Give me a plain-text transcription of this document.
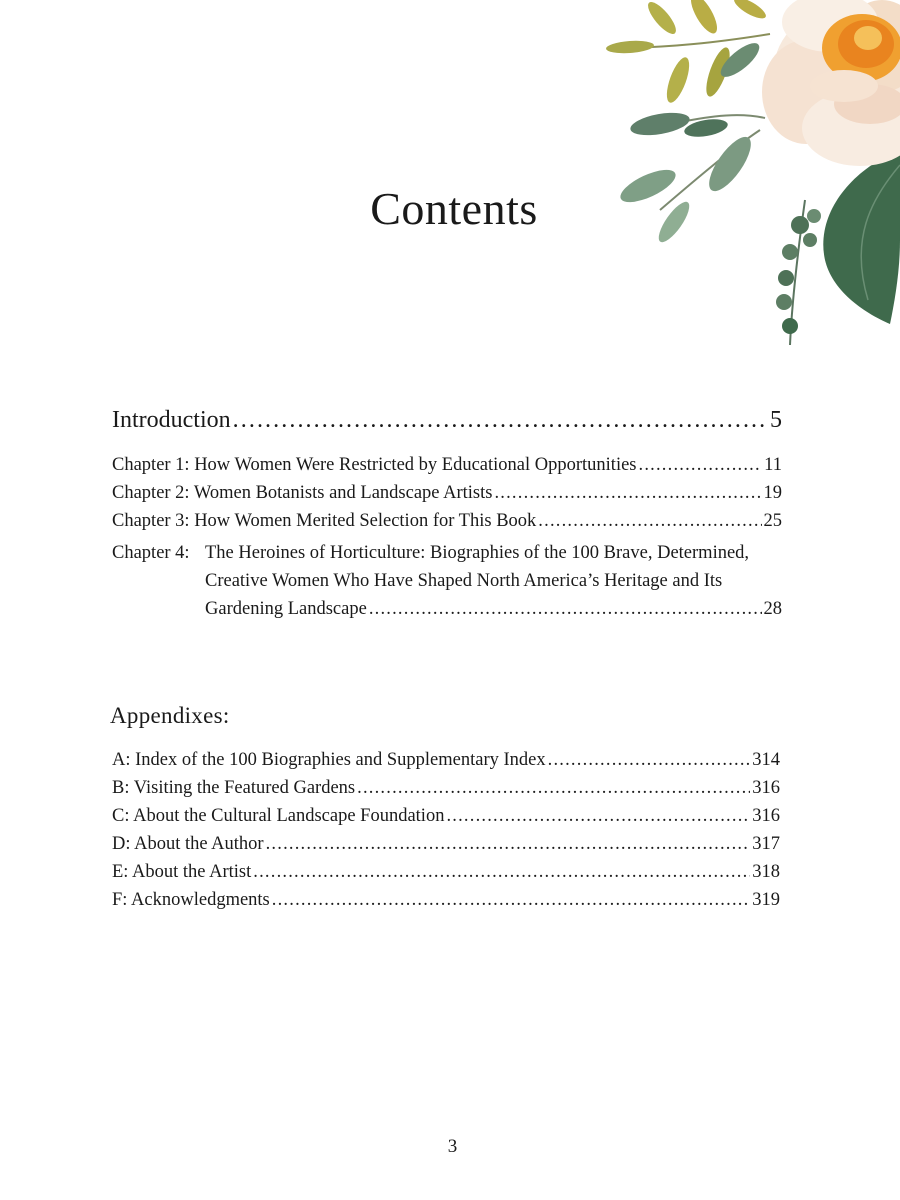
Contents
Introduction .....	5
Chapter 1: How Women Were Restricted by Educational Opportunities .....	11
Chapter 2: Women Botanists and Landscape Artists .....	19
Chapter 3: How Women Merited Selection for This Book .....	25
Chapter 4: The Heroines of Horticulture: Biographies of the 100 Brave, Determined,
Creative Women Who Have Shaped North America’s Heritage and Its
Gardening Landscape .....	28
Appendixes:
A: Index of the 100 Biographies and Supplementary Index .....	314
B: Visiting the Featured Gardens .....	316
C: About the Cultural Landscape Foundation .....	316
D: About the Author .....	317
E: About the Artist .....	318
F: Acknowledgments .....	319
3
